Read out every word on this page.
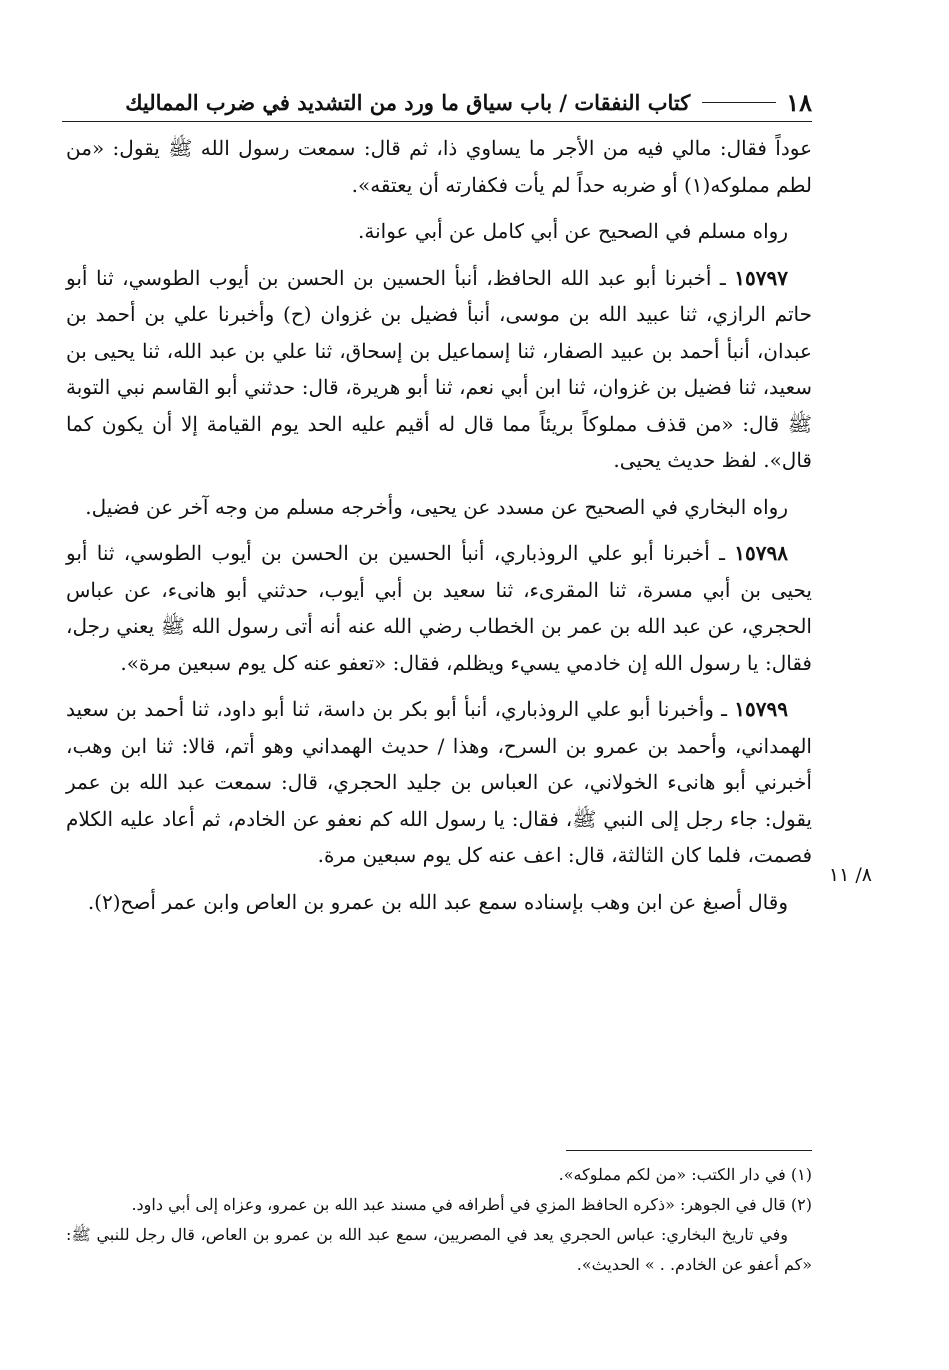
١٨
كتاب النفقات / باب سياق ما ورد من التشديد في ضرب المماليك

عوداً فقال: مالي فيه من الأجر ما يساوي ذا، ثم قال: سمعت رسول الله ﷺ يقول: «من لطم مملوكه(١) أو ضربه حداً لم يأت فكفارته أن يعتقه».

رواه مسلم في الصحيح عن أبي كامل عن أبي عوانة.

١٥٧٩٧ ـ أخبرنا أبو عبد الله الحافظ، أنبأ الحسين بن الحسن بن أيوب الطوسي، ثنا أبو حاتم الرازي، ثنا عبيد الله بن موسى، أنبأ فضيل بن غزوان (ح) وأخبرنا علي بن أحمد بن عبدان، أنبأ أحمد بن عبيد الصفار، ثنا إسماعيل بن إسحاق، ثنا علي بن عبد الله، ثنا يحيى بن سعيد، ثنا فضيل بن غزوان، ثنا ابن أبي نعم، ثنا أبو هريرة، قال: حدثني أبو القاسم نبي التوبة ﷺ قال: «من قذف مملوكاً بريئاً مما قال له أقيم عليه الحد يوم القيامة إلا أن يكون كما قال». لفظ حديث يحيى.

رواه البخاري في الصحيح عن مسدد عن يحيى، وأخرجه مسلم من وجه آخر عن فضيل.

١٥٧٩٨ ـ أخبرنا أبو علي الروذباري، أنبأ الحسين بن الحسن بن أيوب الطوسي، ثنا أبو يحيى بن أبي مسرة، ثنا المقرىء، ثنا سعيد بن أبي أيوب، حدثني أبو هانىء، عن عباس الحجري، عن عبد الله بن عمر بن الخطاب رضي الله عنه أنه أتى رسول الله ﷺ يعني رجل، فقال: يا رسول الله إن خادمي يسيء ويظلم، فقال: «تعفو عنه كل يوم سبعين مرة».

١٥٧٩٩ ـ وأخبرنا أبو علي الروذباري، أنبأ أبو بكر بن داسة، ثنا أبو داود، ثنا أحمد بن سعيد الهمداني، وأحمد بن عمرو بن السرح، وهذا / حديث الهمداني وهو أتم، قالا: ثنا ابن وهب، أخبرني أبو هانىء الخولاني، عن العباس بن جليد الحجري، قال: سمعت عبد الله بن عمر يقول: جاء رجل إلى النبي ﷺ، فقال: يا رسول الله كم نعفو عن الخادم، ثم أعاد عليه الكلام فصمت، فلما كان الثالثة، قال: اعف عنه كل يوم سبعين مرة.

وقال أصبغ عن ابن وهب بإسناده سمع عبد الله بن عمرو بن العاص وابن عمر أصح(٢).

٨/ ١١

(١) في دار الكتب: «من لكم مملوكه».

(٢) قال في الجوهر: «ذكره الحافظ المزي في أطرافه في مسند عبد الله بن عمرو، وعزاه إلى أبي داود.

وفي تاريخ البخاري: عباس الحجري يعد في المصريين، سمع عبد الله بن عمرو بن العاص، قال رجل للنبي ﷺ: «كم أعفو عن الخادم. . » الحديث».
